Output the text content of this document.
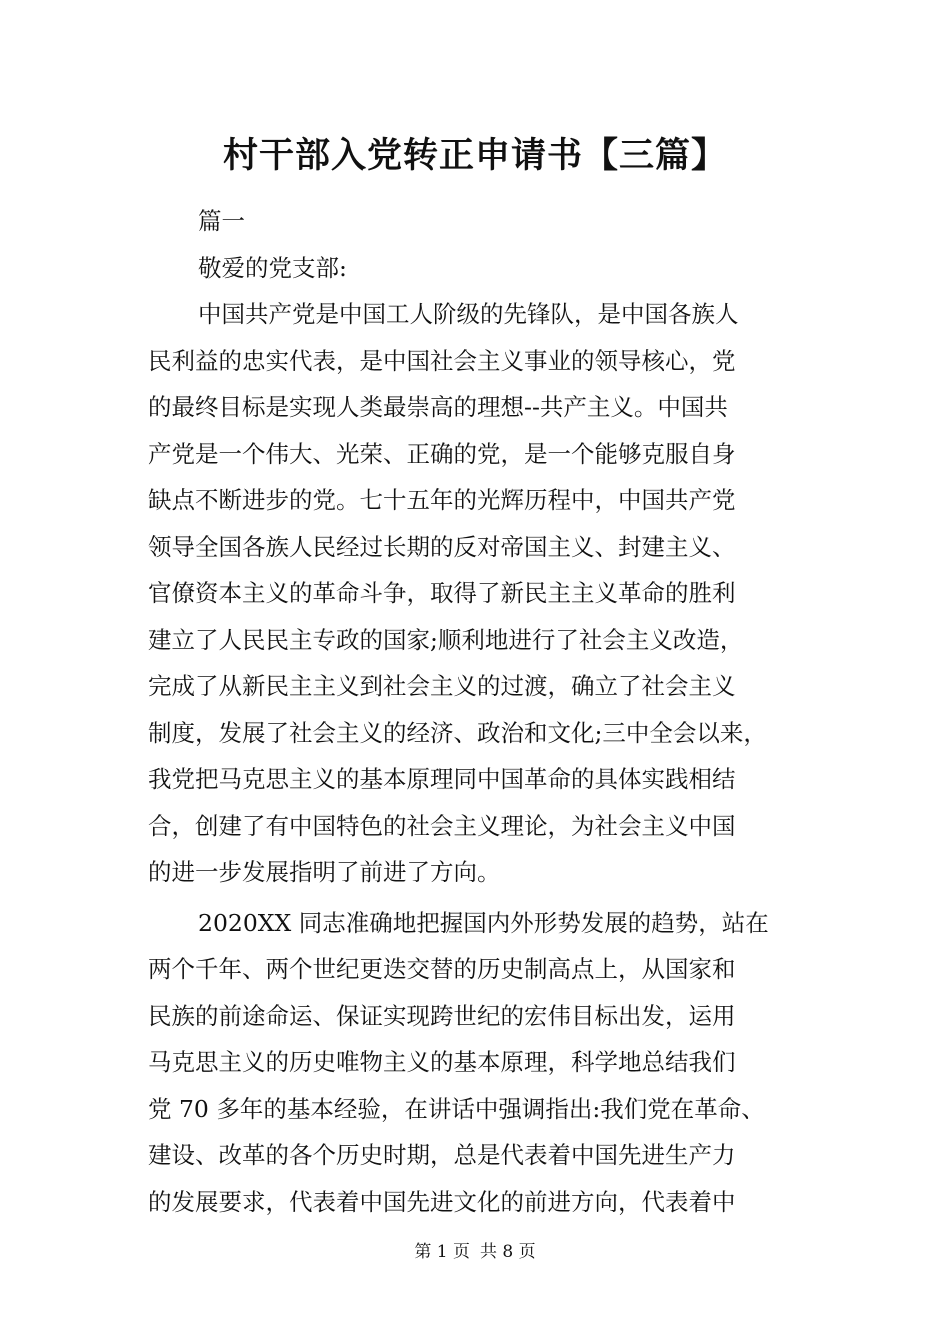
村干部入党转正申请书【三篇】
篇一
敬爱的党支部:
中国共产党是中国工人阶级的先锋队，是中国各族人
民利益的忠实代表，是中国社会主义事业的领导核心，党
的最终目标是实现人类最崇高的理想--共产主义。中国共
产党是一个伟大、光荣、正确的党，是一个能够克服自身
缺点不断进步的党。七十五年的光辉历程中，中国共产党
领导全国各族人民经过长期的反对帝国主义、封建主义、
官僚资本主义的革命斗争，取得了新民主主义革命的胜利
建立了人民民主专政的国家;顺利地进行了社会主义改造，
完成了从新民主主义到社会主义的过渡，确立了社会主义
制度，发展了社会主义的经济、政治和文化;三中全会以来，
我党把马克思主义的基本原理同中国革命的具体实践相结
合，创建了有中国特色的社会主义理论，为社会主义中国
的进一步发展指明了前进了方向。
2020XX 同志准确地把握国内外形势发展的趋势，站在
两个千年、两个世纪更迭交替的历史制高点上，从国家和
民族的前途命运、保证实现跨世纪的宏伟目标出发，运用
马克思主义的历史唯物主义的基本原理，科学地总结我们
党 70 多年的基本经验，在讲话中强调指出:我们党在革命、
建设、改革的各个历史时期，总是代表着中国先进生产力
的发展要求，代表着中国先进文化的前进方向，代表着中
第 1 页 共 8 页
